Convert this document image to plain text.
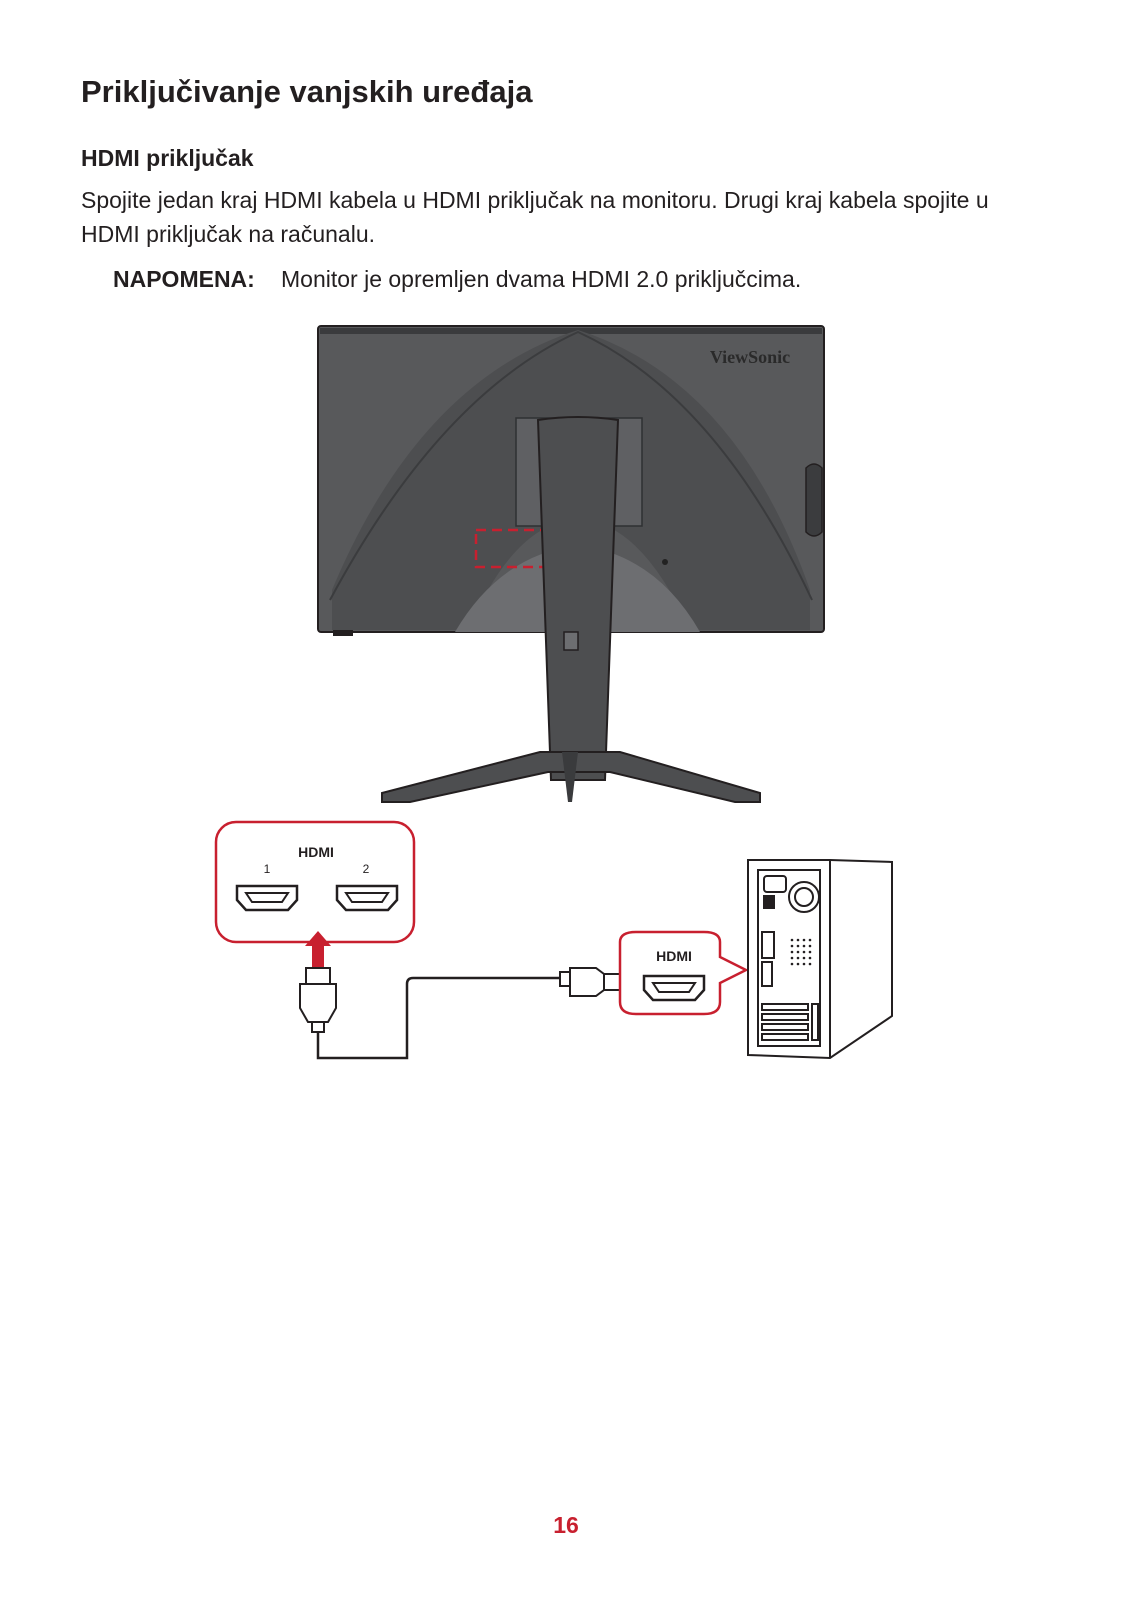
Priključivanje vanjskih uređaja
HDMI priključak

Spojite jedan kraj HDMI kabela u HDMI priključak na monitoru. Drugi kraj kabela spojite u HDMI priključak na računalu.

NAPOMENA: Monitor je opremljen dvama HDMI 2.0 priključcima.

ViewSonic
HDMI
1	2
HDMI
16
